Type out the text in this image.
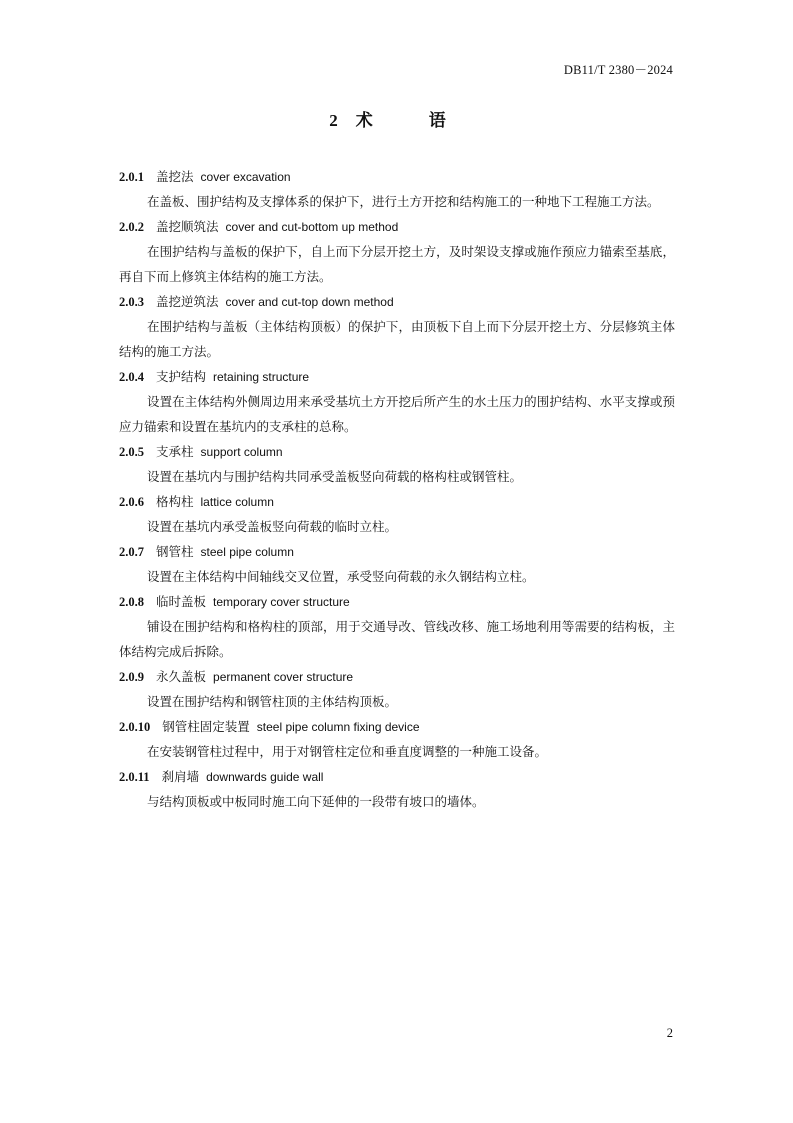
DB11/T 2380－2024
2 术 语
2.0.1 盖挖法 cover excavation

在盖板、围护结构及支撑体系的保护下，进行土方开挖和结构施工的一种地下工程施工方法。

2.0.2 盖挖顺筑法 cover and cut-bottom up method

在围护结构与盖板的保护下，自上而下分层开挖土方，及时架设支撑或施作预应力锚索至基底，再自下而上修筑主体结构的施工方法。

2.0.3 盖挖逆筑法 cover and cut-top down method

在围护结构与盖板（主体结构顶板）的保护下，由顶板下自上而下分层开挖土方、分层修筑主体结构的施工方法。

2.0.4 支护结构 retaining structure

设置在主体结构外侧周边用来承受基坑土方开挖后所产生的水土压力的围护结构、水平支撑或预应力锚索和设置在基坑内的支承柱的总称。

2.0.5 支承柱 support column

设置在基坑内与围护结构共同承受盖板竖向荷载的格构柱或钢管柱。

2.0.6 格构柱 lattice column

设置在基坑内承受盖板竖向荷载的临时立柱。

2.0.7 钢管柱 steel pipe column

设置在主体结构中间轴线交叉位置，承受竖向荷载的永久钢结构立柱。

2.0.8 临时盖板 temporary cover structure

铺设在围护结构和格构柱的顶部，用于交通导改、管线改移、施工场地利用等需要的结构板，主体结构完成后拆除。

2.0.9 永久盖板 permanent cover structure

设置在围护结构和钢管柱顶的主体结构顶板。

2.0.10 钢管柱固定装置 steel pipe column fixing device

在安装钢管柱过程中，用于对钢管柱定位和垂直度调整的一种施工设备。

2.0.11 刹肩墙 downwards guide wall

与结构顶板或中板同时施工向下延伸的一段带有坡口的墙体。

2
